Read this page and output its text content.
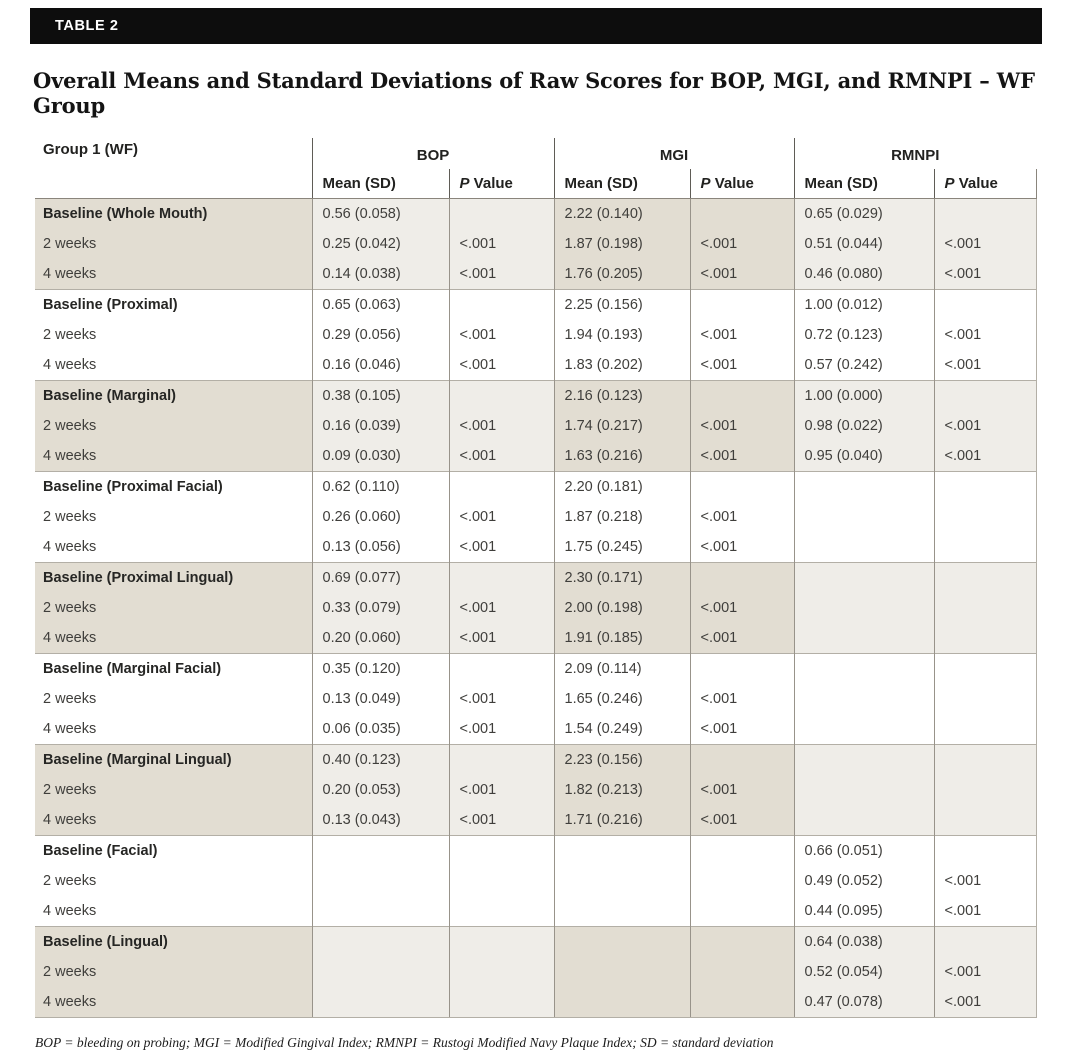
TABLE 2
Overall Means and Standard Deviations of Raw Scores for BOP, MGI, and RMNPI – WF Group
Group 1 (WF)	BOP		MGI		RMNPI	
	Mean (SD)	P Value	Mean (SD)	P Value	Mean (SD)	P Value
Baseline (Whole Mouth)	0.56 (0.058)		2.22 (0.140)		0.65 (0.029)	
2 weeks	0.25 (0.042)	<.001	1.87 (0.198)	<.001	0.51 (0.044)	<.001
4 weeks	0.14 (0.038)	<.001	1.76 (0.205)	<.001	0.46 (0.080)	<.001
Baseline (Proximal)	0.65 (0.063)		2.25 (0.156)		1.00 (0.012)	
2 weeks	0.29 (0.056)	<.001	1.94 (0.193)	<.001	0.72 (0.123)	<.001
4 weeks	0.16 (0.046)	<.001	1.83 (0.202)	<.001	0.57 (0.242)	<.001
Baseline (Marginal)	0.38 (0.105)		2.16 (0.123)		1.00 (0.000)	
2 weeks	0.16 (0.039)	<.001	1.74 (0.217)	<.001	0.98 (0.022)	<.001
4 weeks	0.09 (0.030)	<.001	1.63 (0.216)	<.001	0.95 (0.040)	<.001
Baseline (Proximal Facial)	0.62 (0.110)		2.20 (0.181)			
2 weeks	0.26 (0.060)	<.001	1.87 (0.218)	<.001		
4 weeks	0.13 (0.056)	<.001	1.75 (0.245)	<.001		
Baseline (Proximal Lingual)	0.69 (0.077)		2.30 (0.171)			
2 weeks	0.33 (0.079)	<.001	2.00 (0.198)	<.001		
4 weeks	0.20 (0.060)	<.001	1.91 (0.185)	<.001		
Baseline (Marginal Facial)	0.35 (0.120)		2.09 (0.114)			
2 weeks	0.13 (0.049)	<.001	1.65 (0.246)	<.001		
4 weeks	0.06 (0.035)	<.001	1.54 (0.249)	<.001		
Baseline (Marginal Lingual)	0.40 (0.123)		2.23 (0.156)			
2 weeks	0.20 (0.053)	<.001	1.82 (0.213)	<.001		
4 weeks	0.13 (0.043)	<.001	1.71 (0.216)	<.001		
Baseline (Facial)					0.66 (0.051)	
2 weeks					0.49 (0.052)	<.001
4 weeks					0.44 (0.095)	<.001
Baseline (Lingual)					0.64 (0.038)	
2 weeks					0.52 (0.054)	<.001
4 weeks					0.47 (0.078)	<.001

BOP = bleeding on probing; MGI = Modified Gingival Index; RMNPI = Rustogi Modified Navy Plaque Index; SD = standard deviation
